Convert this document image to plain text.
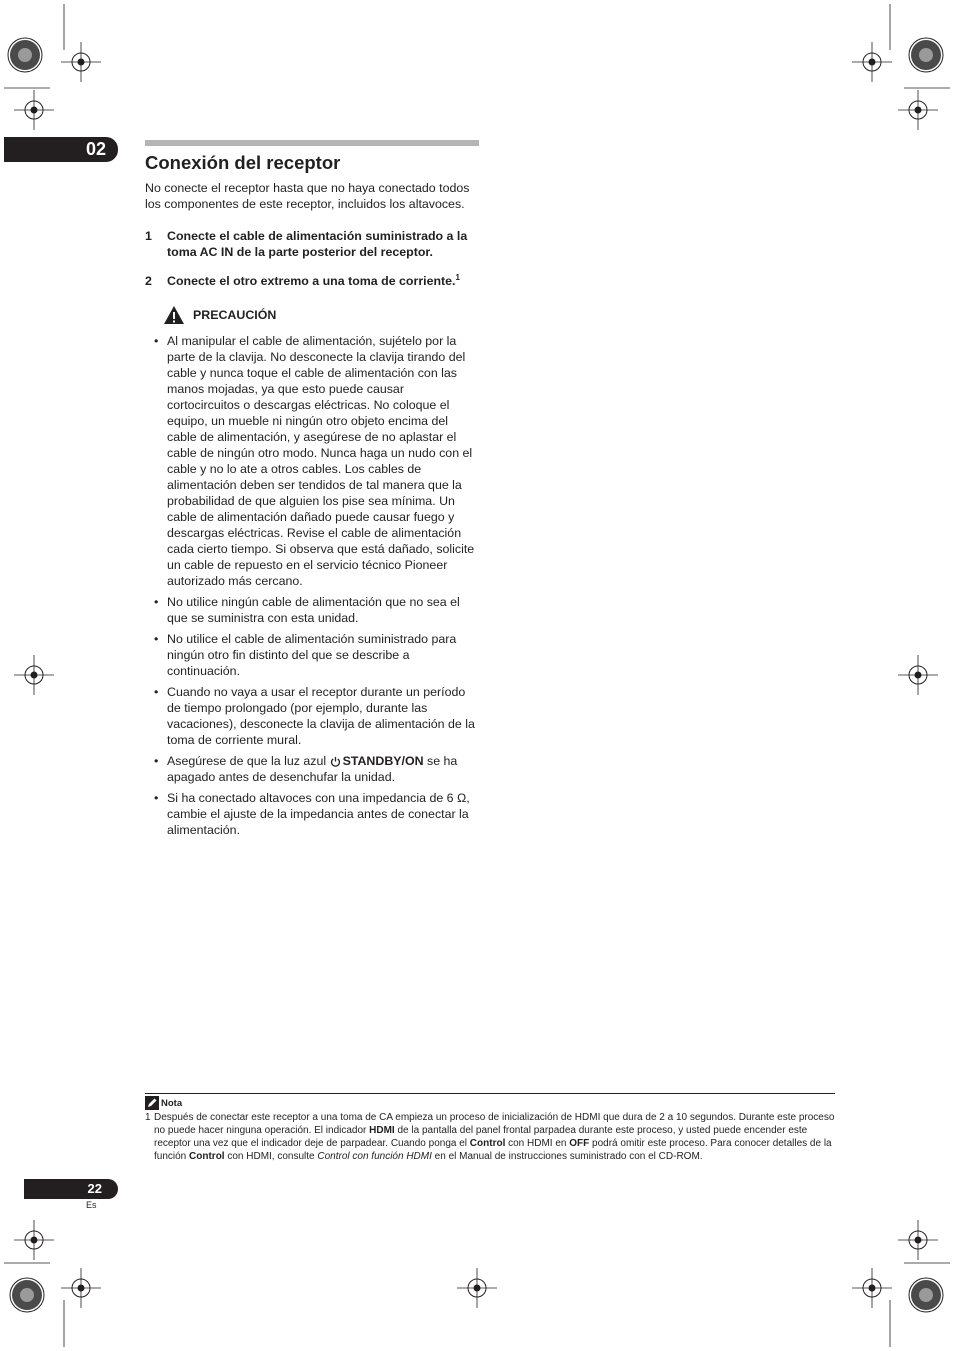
02
Conexión del receptor

No conecte el receptor hasta que no haya conectado todos los componentes de este receptor, incluidos los altavoces.

1	Conecte el cable de alimentación suministrado a la toma AC IN de la parte posterior del receptor.
2	Conecte el otro extremo a una toma de corriente.$^1$
PRECAUCIÓN
• Al manipular el cable de alimentación, sujételo por la parte de la clavija. No desconecte la clavija tirando del cable y nunca toque el cable de alimentación con las manos mojadas, ya que esto puede causar cortocircuitos o descargas eléctricas. No coloque el equipo, un mueble ni ningún otro objeto encima del cable de alimentación, y asegúrese de no aplastar el cable de ningún otro modo. Nunca haga un nudo con el cable y no lo ate a otros cables. Los cables de alimentación deben ser tendidos de tal manera que la probabilidad de que alguien los pise sea mínima. Un cable de alimentación dañado puede causar fuego y descargas eléctricas. Revise el cable de alimentación cada cierto tiempo. Si observa que está dañado, solicite un cable de repuesto en el servicio técnico Pioneer autorizado más cercano.
• No utilice ningún cable de alimentación que no sea el que se suministra con esta unidad.
• No utilice el cable de alimentación suministrado para ningún otro fin distinto del que se describe a continuación.
• Cuando no vaya a usar el receptor durante un período de tiempo prolongado (por ejemplo, durante las vacaciones), desconecte la clavija de alimentación de la toma de corriente mural.
• Asegúrese de que la luz azul STANDBY/ON se ha apagado antes de desenchufar la unidad.
• Si ha conectado altavoces con una impedancia de 6 Ω, cambie el ajuste de la impedancia antes de conectar la alimentación.
Nota
1 Después de conectar este receptor a una toma de CA empieza un proceso de inicialización de HDMI que dura de 2 a 10 segundos. Durante este proceso no puede hacer ninguna operación. El indicador HDMI de la pantalla del panel frontal parpadea durante este proceso, y usted puede encender este receptor una vez que el indicador deje de parpadear. Cuando ponga el Control con HDMI en OFF podrá omitir este proceso. Para conocer detalles de la función Control con HDMI, consulte Control con función HDMI en el Manual de instrucciones suministrado con el CD-ROM.
22
Es
